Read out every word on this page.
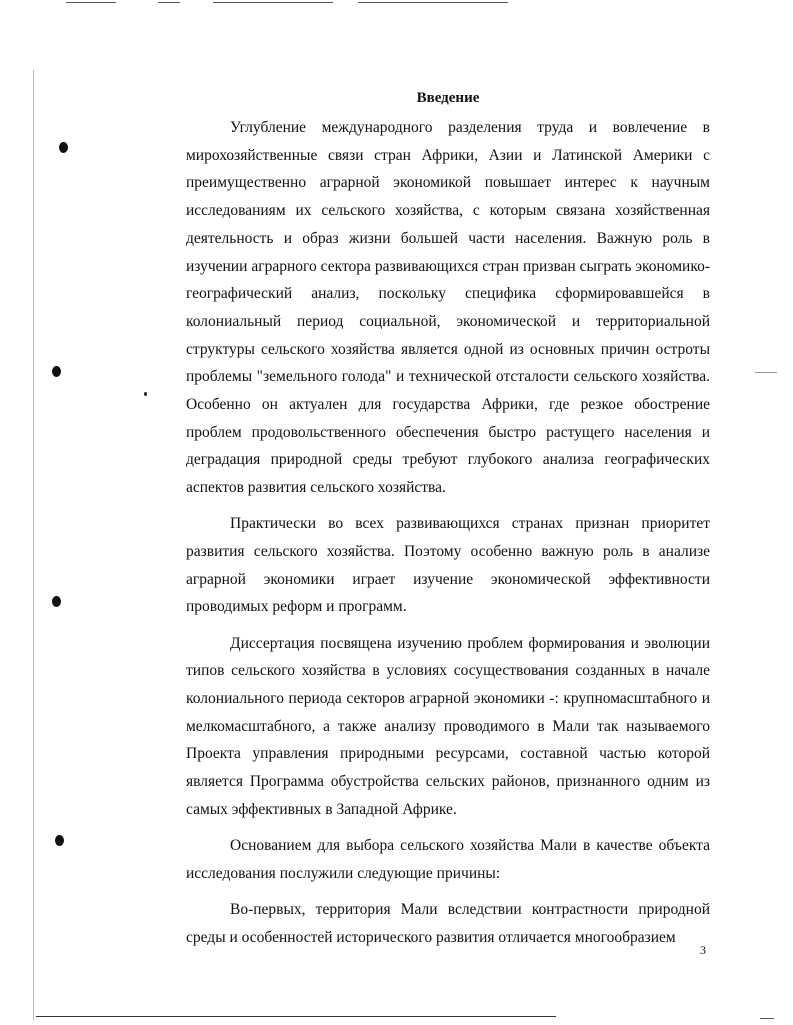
Введение

Углубление международного разделения труда и вовлечение в мирохозяйственные связи стран Африки, Азии и Латинской Америки с преимущественно аграрной экономикой повышает интерес к научным исследованиям их сельского хозяйства, с которым связана хозяйственная деятельность и образ жизни большей части населения. Важную роль в изучении аграрного сектора развивающихся стран призван сыграть экономико-географический анализ, поскольку специфика сформировавшейся в колониальный период социальной, экономической и территориальной структуры сельского хозяйства является одной из основных причин остроты проблемы "земельного голода" и технической отсталости сельского хозяйства. Особенно он актуален для государства Африки, где резкое обострение проблем продовольственного обеспечения быстро растущего населения и деградация природной среды требуют глубокого анализа географических аспектов развития сельского хозяйства.

Практически во всех развивающихся странах признан приоритет развития сельского хозяйства. Поэтому особенно важную роль в анализе аграрной экономики играет изучение экономической эффективности проводимых реформ и программ.

Диссертация посвящена изучению проблем формирования и эволюции типов сельского хозяйства в условиях сосуществования созданных в начале колониального периода секторов аграрной экономики -: крупномасштабного и мелкомасштабного, а также анализу проводимого в Мали так называемого Проекта управления природными ресурсами, составной частью которой является Программа обустройства сельских районов, признанного одним из самых эффективных в Западной Африке.

Основанием для выбора сельского хозяйства Мали в качестве объекта исследования послужили следующие причины:

Во-первых, территория Мали вследствии контрастности природной среды и особенностей исторического развития отличается многообразием

3
